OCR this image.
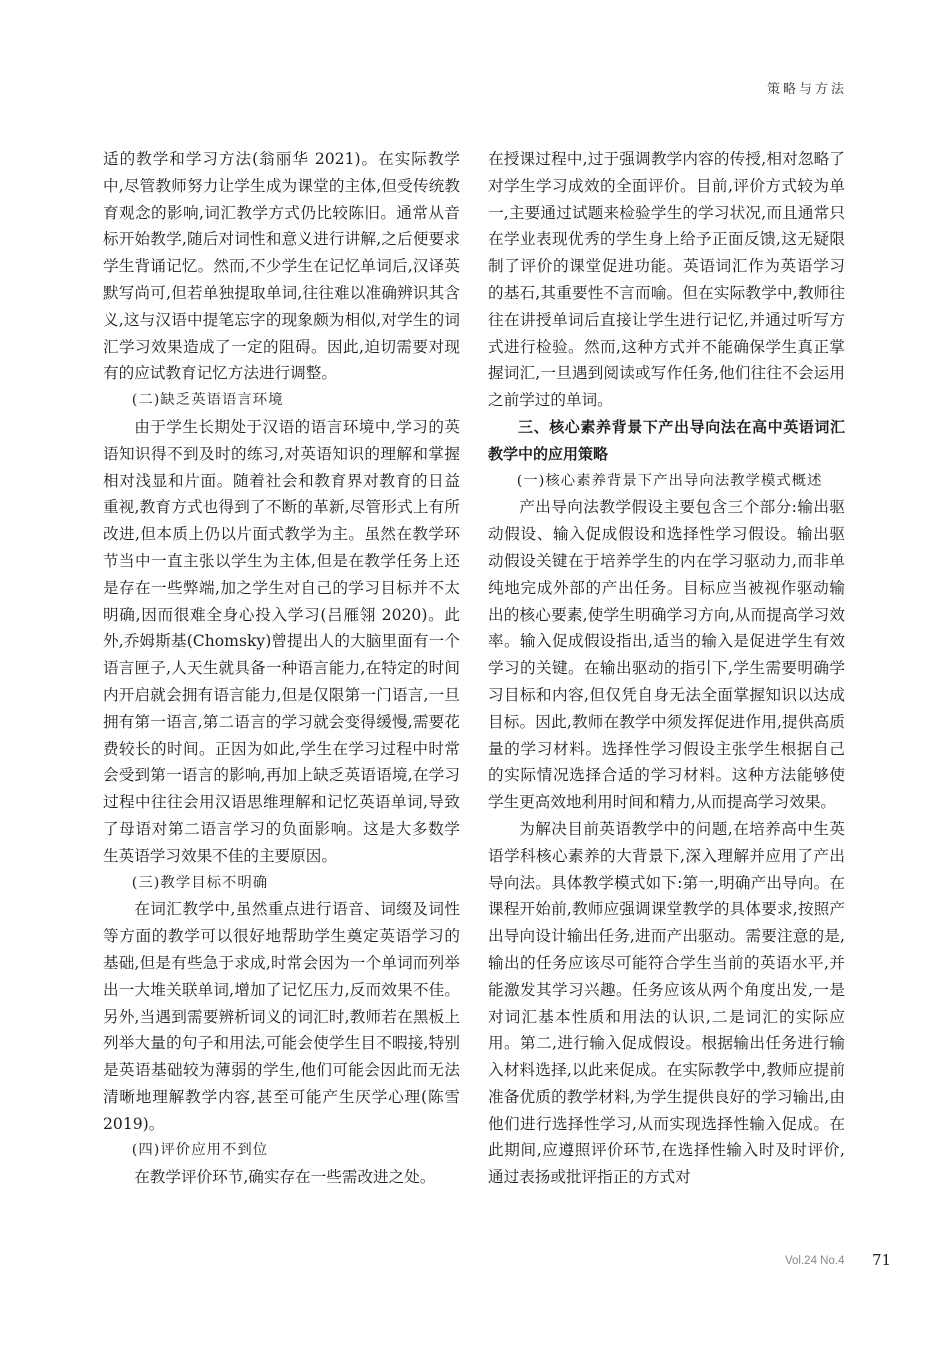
策略与方法

适的教学和学习方法(翁丽华 2021)。在实际教学中,尽管教师努力让学生成为课堂的主体,但受传统教育观念的影响,词汇教学方式仍比较陈旧。通常从音标开始教学,随后对词性和意义进行讲解,之后便要求学生背诵记忆。然而,不少学生在记忆单词后,汉译英默写尚可,但若单独提取单词,往往难以准确辨识其含义,这与汉语中提笔忘字的现象颇为相似,对学生的词汇学习效果造成了一定的阻碍。因此,迫切需要对现有的应试教育记忆方法进行调整。

(二)缺乏英语语言环境

由于学生长期处于汉语的语言环境中,学习的英语知识得不到及时的练习,对英语知识的理解和掌握相对浅显和片面。随着社会和教育界对教育的日益重视,教育方式也得到了不断的革新,尽管形式上有所改进,但本质上仍以片面式教学为主。虽然在教学环节当中一直主张以学生为主体,但是在教学任务上还是存在一些弊端,加之学生对自己的学习目标并不太明确,因而很难全身心投入学习(吕雁翎 2020)。此外,乔姆斯基(Chomsky)曾提出人的大脑里面有一个语言匣子,人天生就具备一种语言能力,在特定的时间内开启就会拥有语言能力,但是仅限第一门语言,一旦拥有第一语言,第二语言的学习就会变得缓慢,需要花费较长的时间。正因为如此,学生在学习过程中时常会受到第一语言的影响,再加上缺乏英语语境,在学习过程中往往会用汉语思维理解和记忆英语单词,导致了母语对第二语言学习的负面影响。这是大多数学生英语学习效果不佳的主要原因。

(三)教学目标不明确

在词汇教学中,虽然重点进行语音、词缀及词性等方面的教学可以很好地帮助学生奠定英语学习的基础,但是有些急于求成,时常会因为一个单词而列举出一大堆关联单词,增加了记忆压力,反而效果不佳。另外,当遇到需要辨析词义的词汇时,教师若在黑板上列举大量的句子和用法,可能会使学生目不暇接,特别是英语基础较为薄弱的学生,他们可能会因此而无法清晰地理解教学内容,甚至可能产生厌学心理(陈雪 2019)。

(四)评价应用不到位

在教学评价环节,确实存在一些需改进之处。

在授课过程中,过于强调教学内容的传授,相对忽略了对学生学习成效的全面评价。目前,评价方式较为单一,主要通过试题来检验学生的学习状况,而且通常只在学业表现优秀的学生身上给予正面反馈,这无疑限制了评价的课堂促进功能。英语词汇作为英语学习的基石,其重要性不言而喻。但在实际教学中,教师往往在讲授单词后直接让学生进行记忆,并通过听写方式进行检验。然而,这种方式并不能确保学生真正掌握词汇,一旦遇到阅读或写作任务,他们往往不会运用之前学过的单词。

三、核心素养背景下产出导向法在高中英语词汇教学中的应用策略

(一)核心素养背景下产出导向法教学模式概述

产出导向法教学假设主要包含三个部分:输出驱动假设、输入促成假设和选择性学习假设。输出驱动假设关键在于培养学生的内在学习驱动力,而非单纯地完成外部的产出任务。目标应当被视作驱动输出的核心要素,使学生明确学习方向,从而提高学习效率。输入促成假设指出,适当的输入是促进学生有效学习的关键。在输出驱动的指引下,学生需要明确学习目标和内容,但仅凭自身无法全面掌握知识以达成目标。因此,教师在教学中须发挥促进作用,提供高质量的学习材料。选择性学习假设主张学生根据自己的实际情况选择合适的学习材料。这种方法能够使学生更高效地利用时间和精力,从而提高学习效果。

为解决目前英语教学中的问题,在培养高中生英语学科核心素养的大背景下,深入理解并应用了产出导向法。具体教学模式如下:第一,明确产出导向。在课程开始前,教师应强调课堂教学的具体要求,按照产出导向设计输出任务,进而产出驱动。需要注意的是,输出的任务应该尽可能符合学生当前的英语水平,并能激发其学习兴趣。任务应该从两个角度出发,一是对词汇基本性质和用法的认识,二是词汇的实际应用。第二,进行输入促成假设。根据输出任务进行输入材料选择,以此来促成。在实际教学中,教师应提前准备优质的教学材料,为学生提供良好的学习输出,由他们进行选择性学习,从而实现选择性输入促成。在此期间,应遵照评价环节,在选择性输入时及时评价,通过表扬或批评指正的方式对

Vol.24 No.4 71
